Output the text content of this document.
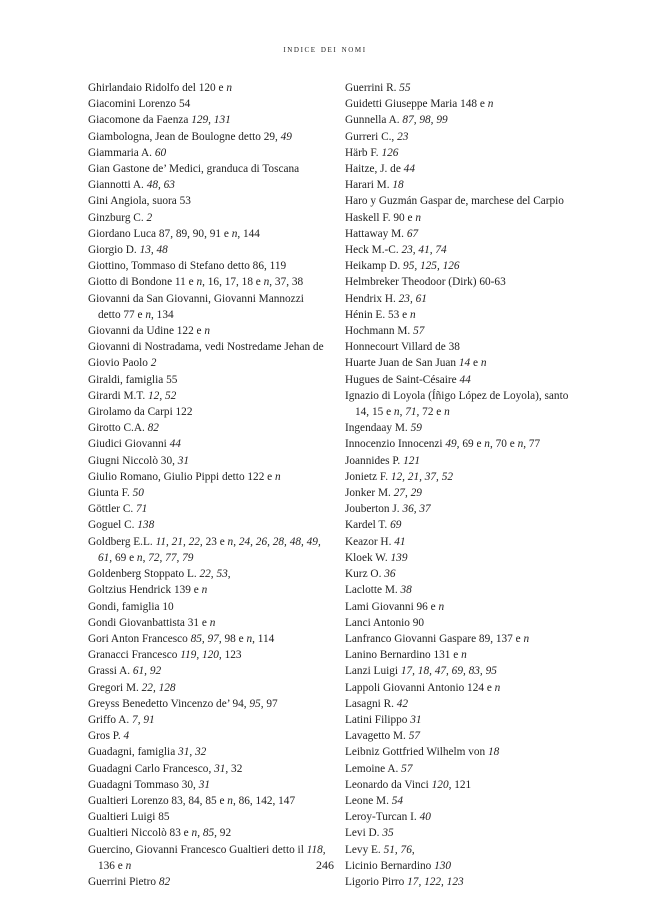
indice dei nomi
Ghirlandaio Ridolfo del 120 e n
Giacomini Lorenzo 54
Giacomone da Faenza 129, 131
Giambologna, Jean de Boulogne detto 29, 49
Giammaria A. 60
Gian Gastone de’ Medici, granduca di Toscana
Giannotti A. 48, 63
Gini Angiola, suora 53
Ginzburg C. 2
Giordano Luca 87, 89, 90, 91 e n, 144
Giorgio D. 13, 48
Giottino, Tommaso di Stefano detto 86, 119
Giotto di Bondone 11 e n, 16, 17, 18 e n, 37, 38
Giovanni da San Giovanni, Giovanni Mannozzi detto 77 e n, 134
Giovanni da Udine 122 e n
Giovanni di Nostradama, vedi Nostredame Jehan de
Giovio Paolo 2
Giraldi, famiglia 55
Girardi M.T. 12, 52
Girolamo da Carpi 122
Girotto C.A. 82
Giudici Giovanni 44
Giugni Niccolò 30, 31
Giulio Romano, Giulio Pippi detto 122 e n
Giunta F. 50
Göttler C. 71
Goguel C. 138
Goldberg E.L. 11, 21, 22, 23 e n, 24, 26, 28, 48, 49, 61, 69 e n, 72, 77, 79
Goldenberg Stoppato L. 22, 53,
Goltzius Hendrick 139 e n
Gondi, famiglia 10
Gondi Giovanbattista 31 e n
Gori Anton Francesco 85, 97, 98 e n, 114
Granacci Francesco 119, 120, 123
Grassi A. 61, 92
Gregori M. 22, 128
Greyss Benedetto Vincenzo de’ 94, 95, 97
Griffo A. 7, 91
Gros P. 4
Guadagni, famiglia 31, 32
Guadagni Carlo Francesco, 31, 32
Guadagni Tommaso 30, 31
Gualtieri Lorenzo 83, 84, 85 e n, 86, 142, 147
Gualtieri Luigi 85
Gualtieri Niccolò 83 e n, 85, 92
Guercino, Giovanni Francesco Gualtieri detto il 118, 136 e n
Guerrini Pietro 82
Guerrini R. 55
Guidetti Giuseppe Maria 148 e n
Gunnella A. 87, 98, 99
Gurreri C., 23
Härb F. 126
Haitze, J. de 44
Harari M. 18
Haro y Guzmán Gaspar de, marchese del Carpio
Haskell F. 90 e n
Hattaway M. 67
Heck M.-C. 23, 41, 74
Heikamp D. 95, 125, 126
Helmbreker Theodoor (Dirk) 60-63
Hendrix H. 23, 61
Hénin E. 53 e n
Hochmann M. 57
Honnecourt Villard de 38
Huarte Juan de San Juan 14 e n
Hugues de Saint-Césaire 44
Ignazio di Loyola (Íñigo López de Loyola), santo 14, 15 e n, 71, 72 e n
Ingendaay M. 59
Innocenzio Innocenzi 49, 69 e n, 70 e n, 77
Joannides P. 121
Jonietz F. 12, 21, 37, 52
Jonker M. 27, 29
Jouberton J. 36, 37
Kardel T. 69
Keazor H. 41
Kloek W. 139
Kurz O. 36
Laclotte M. 38
Lami Giovanni 96 e n
Lanci Antonio 90
Lanfranco Giovanni Gaspare 89, 137 e n
Lanino Bernardino 131 e n
Lanzi Luigi 17, 18, 47, 69, 83, 95
Lappoli Giovanni Antonio 124 e n
Lasagni R. 42
Latini Filippo 31
Lavagetto M. 57
Leibniz Gottfried Wilhelm von 18
Lemoine A. 57
Leonardo da Vinci 120, 121
Leone M. 54
Leroy-Turcan I. 40
Levi D. 35
Levy E. 51, 76,
Licinio Bernardino 130
Ligorio Pirro 17, 122, 123
246
